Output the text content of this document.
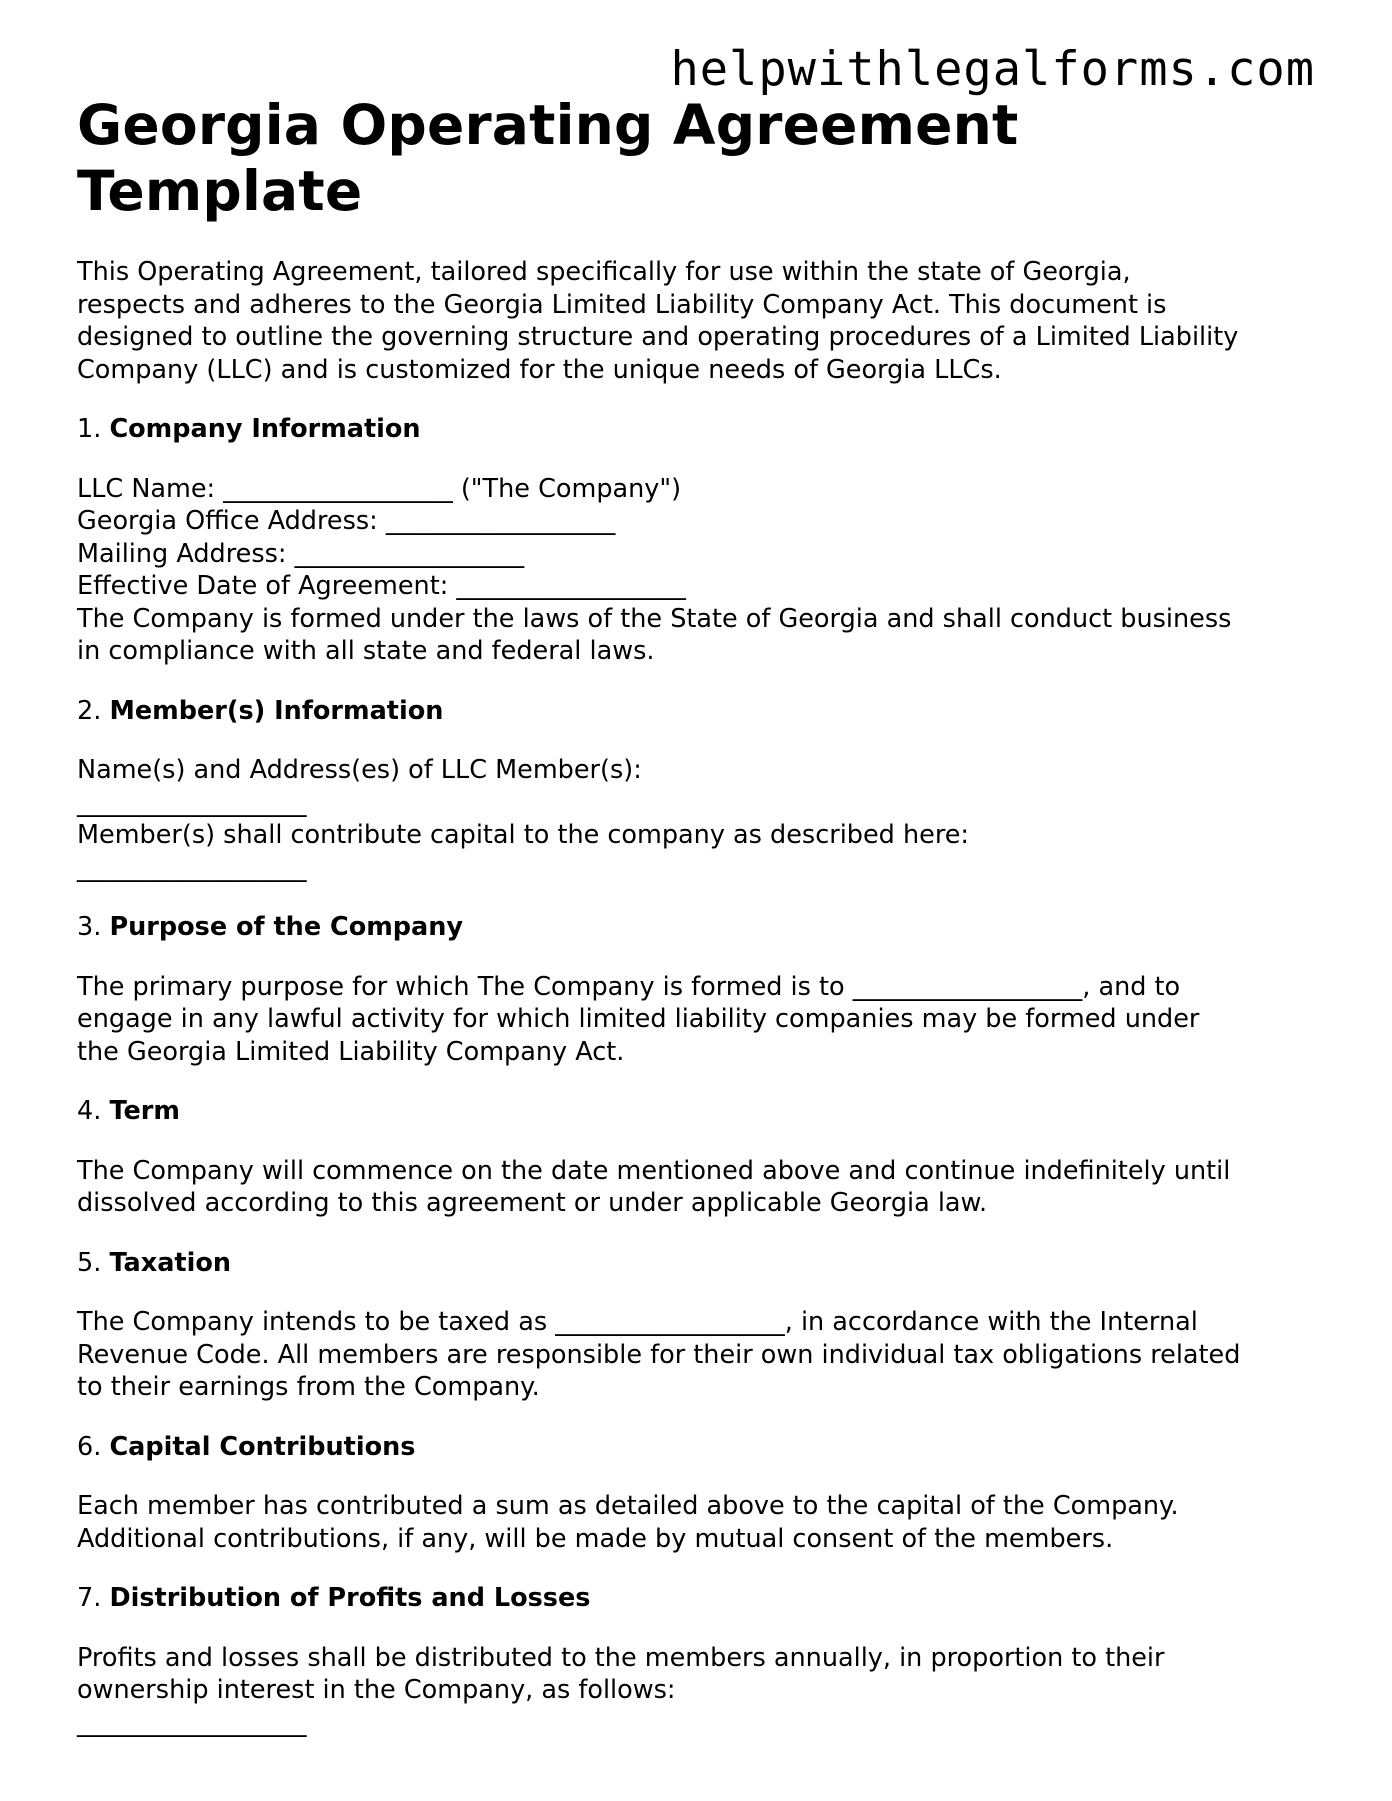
helpwithlegalforms.com
Georgia Operating Agreement Template
This Operating Agreement, tailored specifically for use within the state of Georgia,
respects and adheres to the Georgia Limited Liability Company Act. This document is
designed to outline the governing structure and operating procedures of a Limited Liability
Company (LLC) and is customized for the unique needs of Georgia LLCs.
1. Company Information
LLC Name: __________________ ("The Company")
Georgia Office Address: __________________
Mailing Address: __________________
Effective Date of Agreement: __________________
The Company is formed under the laws of the State of Georgia and shall conduct business
in compliance with all state and federal laws.
2. Member(s) Information
Name(s) and Address(es) of LLC Member(s):
__________________
Member(s) shall contribute capital to the company as described here:
__________________
3. Purpose of the Company
The primary purpose for which The Company is formed is to __________________, and to
engage in any lawful activity for which limited liability companies may be formed under
the Georgia Limited Liability Company Act.
4. Term
The Company will commence on the date mentioned above and continue indefinitely until
dissolved according to this agreement or under applicable Georgia law.
5. Taxation
The Company intends to be taxed as __________________, in accordance with the Internal
Revenue Code. All members are responsible for their own individual tax obligations related
to their earnings from the Company.
6. Capital Contributions
Each member has contributed a sum as detailed above to the capital of the Company.
Additional contributions, if any, will be made by mutual consent of the members.
7. Distribution of Profits and Losses
Profits and losses shall be distributed to the members annually, in proportion to their
ownership interest in the Company, as follows:
__________________
